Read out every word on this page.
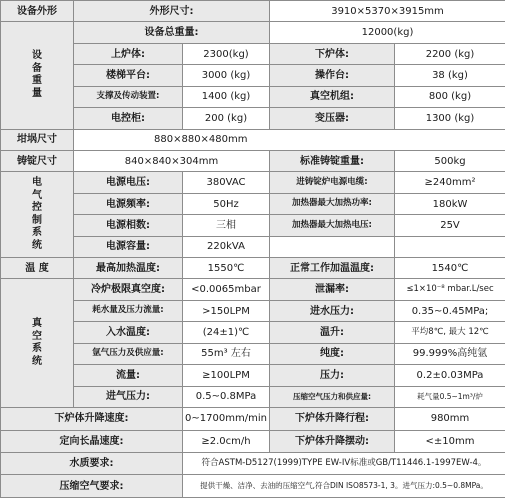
设备外形	外形尺寸:		3910×5370×3915mm	
设备重量	设备总重量:		12000(kg)	
	上炉体:	2300(kg)	下炉体:	2200 (kg)
	楼梯平台:	3000 (kg)	操作台:	38 (kg)
	支撑及传动装置:	1400 (kg)	真空机组:	800 (kg)
	电控柜:	200 (kg)	变压器:	1300 (kg)
坩埚尺寸	880×880×480mm			
铸锭尺寸	840×840×304mm		标准铸锭重量:	500kg
电气控制系统	电源电压:	380VAC	进铸锭炉电源电缆:	≥240mm²
	电源频率:	50Hz	加热器最大加热功率:	180kW
	电源相数:	三相	加热器最大加热电压:	25V
	电源容量:	220kVA		
温 度	最高加热温度:	1550℃	正常工作加温温度:	1540℃
真空系统	冷炉极限真空度:	<0.0065mbar	泄漏率:	≤1×10⁻⁸ mbar.L/sec
	耗水量及压力流量:	>150LPM	进水压力:	0.35~0.45MPa;
	入水温度:	(24±1)℃	温升:	平均8℃, 最大 12℃
	氩气压力及供应量:	55m³ 左右	纯度:	99.999%高纯氩
	流量:	≥100LPM	压力:	0.2±0.03MPa
	进气压力:	0.5~0.8MPa	压缩空气压力和供应量:	耗气量0.5~1m³/炉
下炉体升降速度:		0~1700mm/min	下炉体升降行程:	980mm
定向长晶速度:		≥2.0cm/h	下炉体升降摆动:	<±10mm
水质要求:		符合ASTM-D5127(1999)TYPE EW-IV标准或GB/T11446.1-1997EW-4。		
压缩空气要求:		提供干燥、洁净、去油的压缩空气,符合DIN ISO8573-1, 3。进气压力:0.5~0.8MPa。		
